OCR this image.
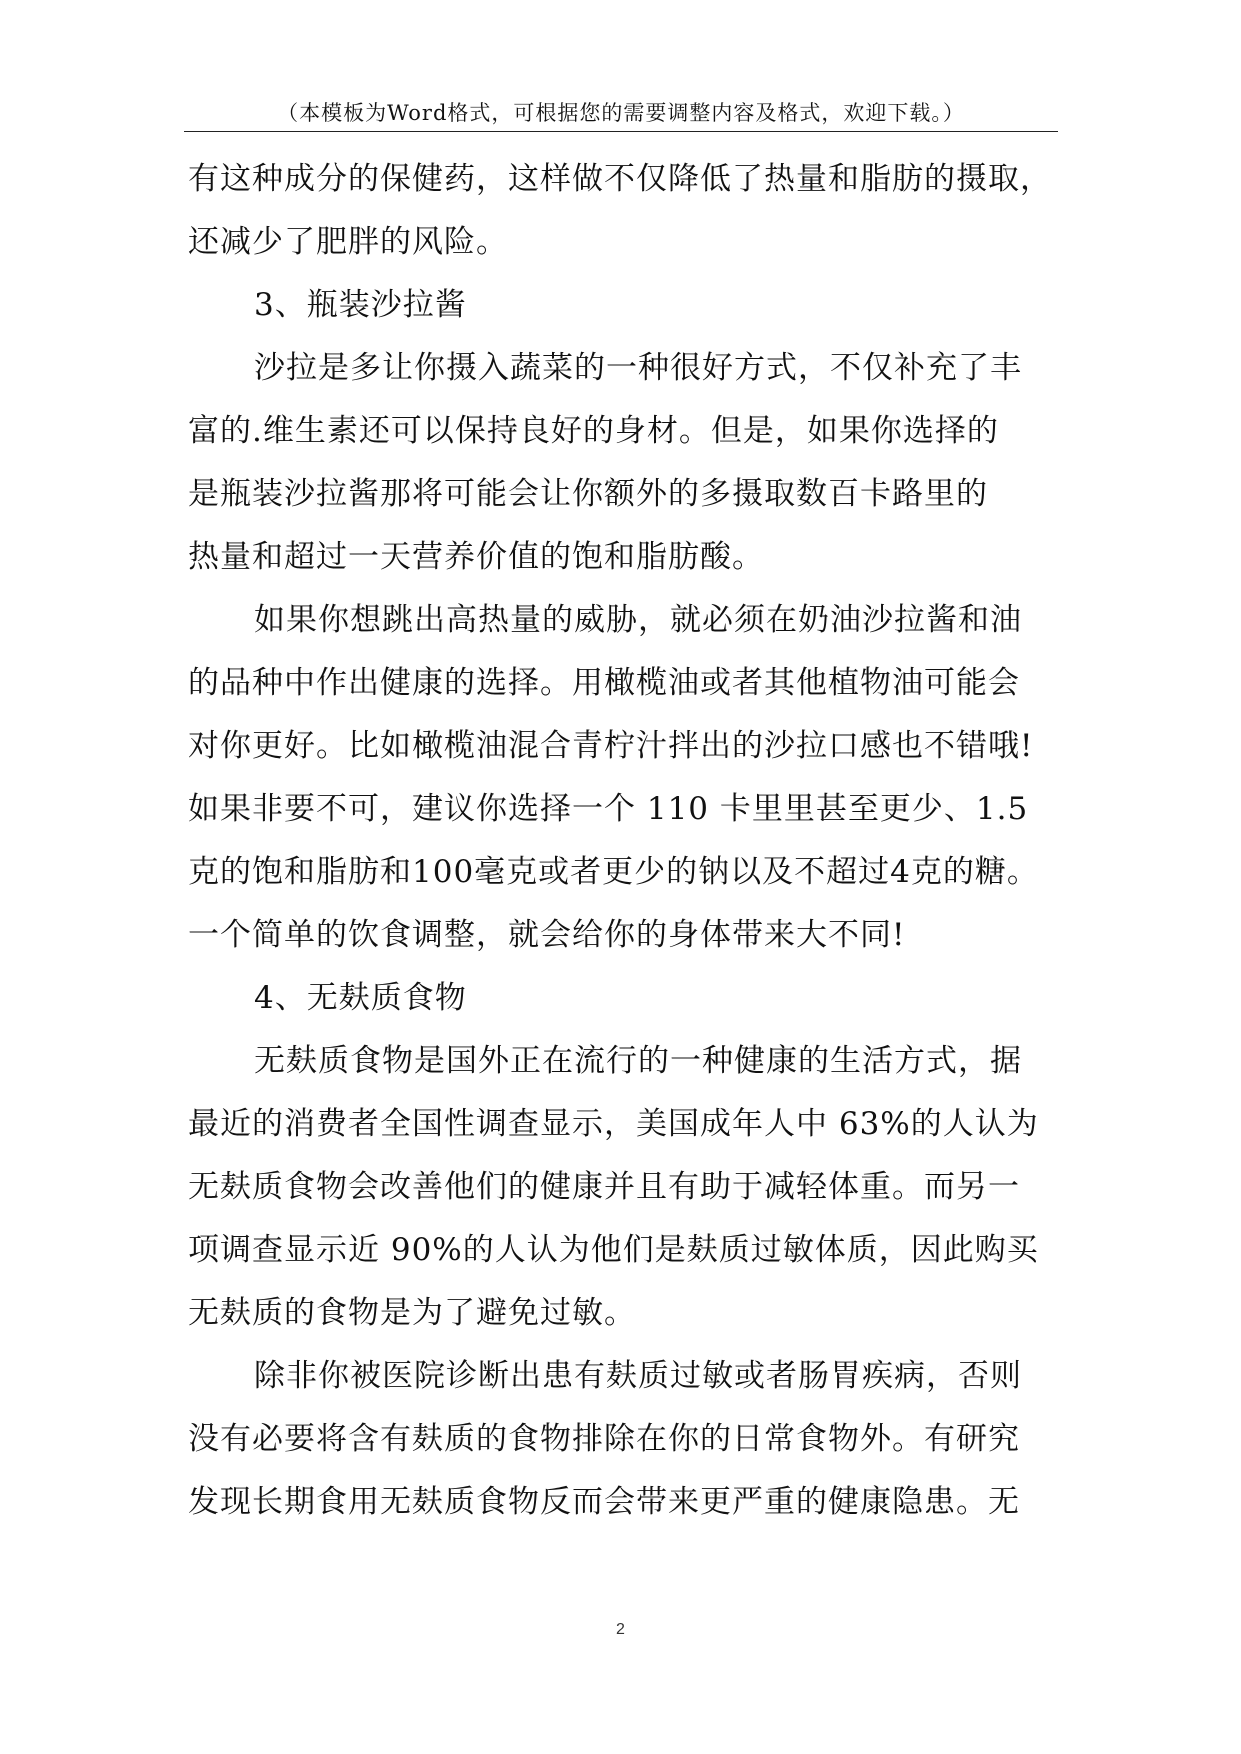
（本模板为Word格式，可根据您的需要调整内容及格式，欢迎下载。）
有这种成分的保健药，这样做不仅降低了热量和脂肪的摄取，
还减少了肥胖的风险。
3、瓶装沙拉酱
沙拉是多让你摄入蔬菜的一种很好方式，不仅补充了丰
富的.维生素还可以保持良好的身材。但是，如果你选择的
是瓶装沙拉酱那将可能会让你额外的多摄取数百卡路里的
热量和超过一天营养价值的饱和脂肪酸。
如果你想跳出高热量的威胁，就必须在奶油沙拉酱和油
的品种中作出健康的选择。用橄榄油或者其他植物油可能会
对你更好。比如橄榄油混合青柠汁拌出的沙拉口感也不错哦!
如果非要不可，建议你选择一个 110 卡里里甚至更少、1.5
克的饱和脂肪和100毫克或者更少的钠以及不超过4克的糖。
一个简单的饮食调整，就会给你的身体带来大不同!
4、无麸质食物
无麸质食物是国外正在流行的一种健康的生活方式，据
最近的消费者全国性调查显示，美国成年人中 63%的人认为
无麸质食物会改善他们的健康并且有助于减轻体重。而另一
项调查显示近 90%的人认为他们是麸质过敏体质，因此购买
无麸质的食物是为了避免过敏。
除非你被医院诊断出患有麸质过敏或者肠胃疾病，否则
没有必要将含有麸质的食物排除在你的日常食物外。有研究
发现长期食用无麸质食物反而会带来更严重的健康隐患。无
2
